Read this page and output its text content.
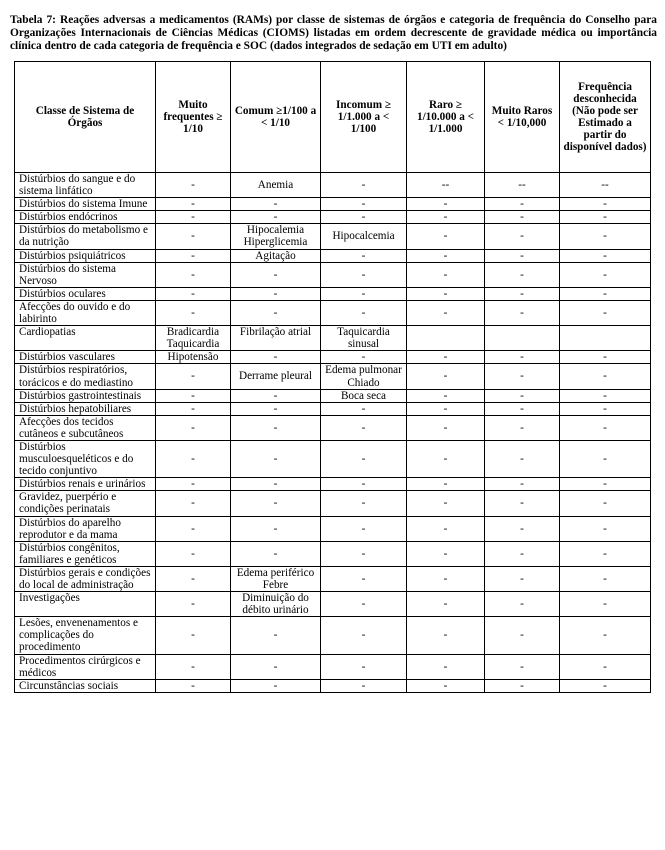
Tabela 7: Reações adversas a medicamentos (RAMs) por classe de sistemas de órgãos e categoria de frequência do Conselho para Organizações Internacionais de Ciências Médicas (CIOMS) listadas em ordem decrescente de gravidade médica ou importância clínica dentro de cada categoria de frequência e SOC (dados integrados de sedação em UTI em adulto)

Classe de Sistema de Órgãos	Muito frequentes ≥ 1/10	Comum ≥1/100 a < 1/10	Incomum ≥ 1/1.000 a < 1/100	Raro ≥ 1/10.000 a < 1/1.000	Muito Raros < 1/10,000	Frequência desconhecida (Não pode ser Estimado a partir do disponível dados)
Distúrbios do sangue e do sistema linfático	-	Anemia	-	--	--	--
Distúrbios do sistema Imune	-	-	-	-	-	-
Distúrbios endócrinos	-	-	-	-	-	-
Distúrbios do metabolismo e da nutrição	-	Hipocalemia Hiperglicemia	Hipocalcemia	-	-	-
Distúrbios psiquiátricos	-	Agitação	-	-	-	-
Distúrbios do sistema Nervoso	-	-	-	-	-	-
Distúrbios oculares	-	-	-	-	-	-
Afecções do ouvido e do labirinto	-	-	-	-	-	-
Cardiopatias	Bradicardia Taquicardia	Fibrilação atrial	Taquicardia sinusal			
Distúrbios vasculares	Hipotensão	-	-	-	-	-
Distúrbios respiratórios, torácicos e do mediastino	-	Derrame pleural	Edema pulmonar Chiado	-	-	-
Distúrbios gastrointestinais	-	-	Boca seca	-	-	-
Distúrbios hepatobiliares	-	-	-	-	-	-
Afecções dos tecidos cutâneos e subcutâneos	-	-	-	-	-	-
Distúrbios musculoesqueléticos e do tecido conjuntivo	-	-	-	-	-	-
Distúrbios renais e urinários	-	-	-	-	-	-
Gravidez, puerpério e condições perinatais	-	-	-	-	-	-
Distúrbios do aparelho reprodutor e da mama	-	-	-	-	-	-
Distúrbios congênitos, familiares e genéticos	-	-	-	-	-	-
Distúrbios gerais e condições do local de administração	-	Edema periférico Febre	-	-	-	-
Investigações	-	Diminuição do débito urinário	-	-	-	-
Lesões, envenenamentos e complicações do procedimento	-	-	-	-	-	-
Procedimentos cirúrgicos e médicos	-	-	-	-	-	-
Circunstâncias sociais	-	-	-	-	-	-
